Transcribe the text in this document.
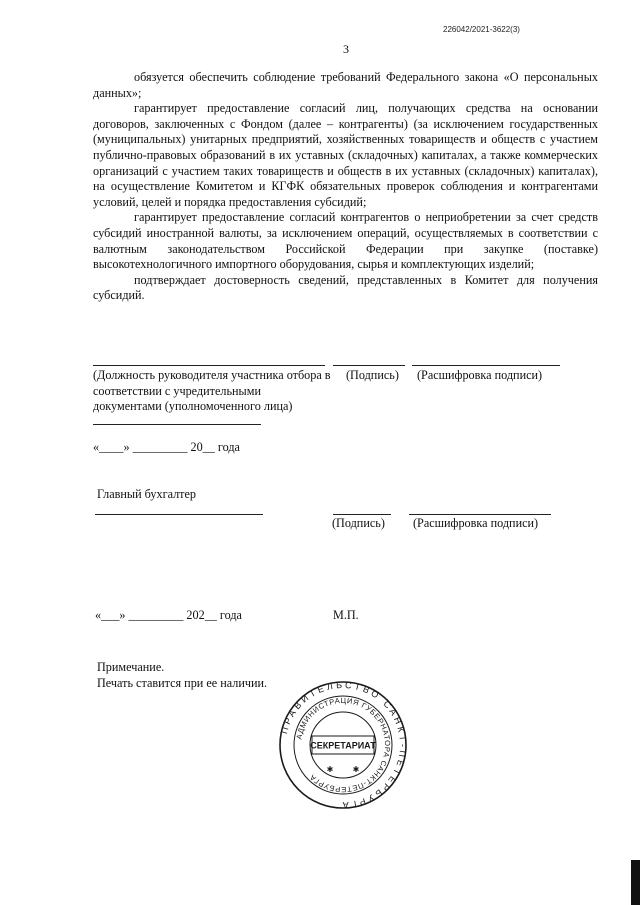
226042/2021-3622(3)
3

обязуется обеспечить соблюдение требований Федерального закона «О персональных данных»;

гарантирует предоставление согласий лиц, получающих средства на основании договоров, заключенных с Фондом (далее – контрагенты) (за исключением государственных (муниципальных) унитарных предприятий, хозяйственных товариществ и обществ с участием публично-правовых образований в их уставных (складочных) капиталах, а также коммерческих организаций с участием таких товариществ и обществ в их уставных (складочных) капиталах), на осуществление Комитетом и КГФК обязательных проверок соблюдения и контрагентами условий, целей и порядка предоставления субсидий;

гарантирует предоставление согласий контрагентов о неприобретении за счет средств субсидий иностранной валюты, за исключением операций, осуществляемых в соответствии с валютным законодательством Российской Федерации при закупке (поставке) высокотехнологичного импортного оборудования, сырья и комплектующих изделий;

подтверждает достоверность сведений, представленных в Комитет для получения субсидий.

(Должность руководителя участника отбора в соответствии с учредительными документами (уполномоченного лица)
(Подпись) (Расшифровка подписи)
«____» _________ 20__ года
Главный бухгалтер
(Подпись) (Расшифровка подписи)
«___» _________ 202__ года	М.П.
Примечание.
Печать ставится при ее наличии.
ПРАВИТЕЛЬСТВО САНКТ-ПЕТЕРБУРГА
АДМИНИСТРАЦИЯ ГУБЕРНАТОРА САНКТ-ПЕТЕРБУРГА
СЕКРЕТАРИАТ
✱ ✱
